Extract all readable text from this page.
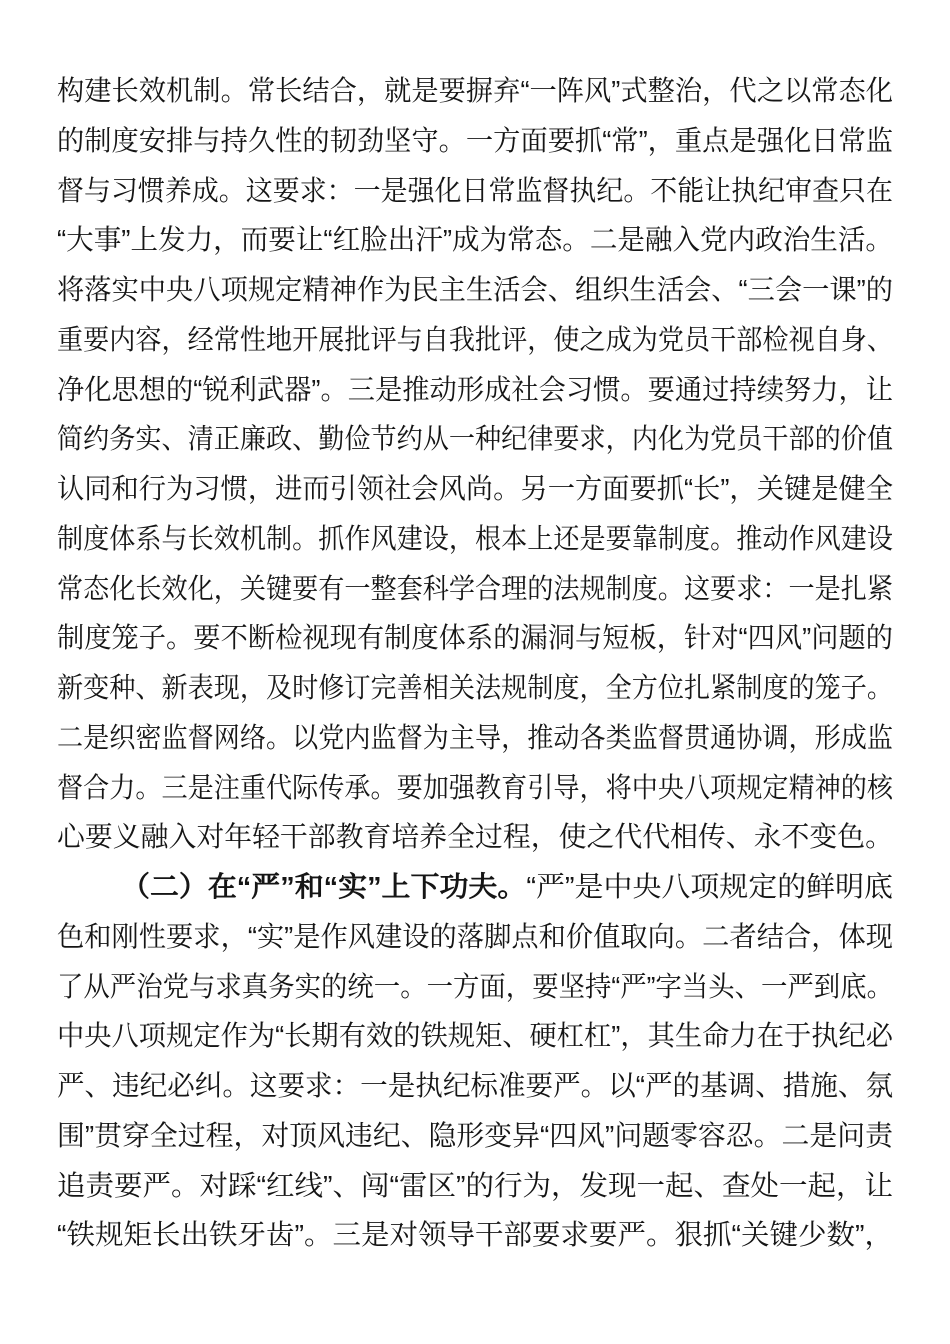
构建长效机制。常长结合，就是要摒弃“一阵风”式整治，代之以常态化
的制度安排与持久性的韧劲坚守。一方面要抓“常”，重点是强化日常监
督与习惯养成。这要求：一是强化日常监督执纪。不能让执纪审查只在
“大事”上发力，而要让“红脸出汗”成为常态。二是融入党内政治生活。
将落实中央八项规定精神作为民主生活会、组织生活会、“三会一课”的
重要内容，经常性地开展批评与自我批评，使之成为党员干部检视自身、
净化思想的“锐利武器”。三是推动形成社会习惯。要通过持续努力，让
简约务实、清正廉政、勤俭节约从一种纪律要求，内化为党员干部的价值
认同和行为习惯，进而引领社会风尚。另一方面要抓“长”，关键是健全
制度体系与长效机制。抓作风建设，根本上还是要靠制度。推动作风建设
常态化长效化，关键要有一整套科学合理的法规制度。这要求：一是扎紧
制度笼子。要不断检视现有制度体系的漏洞与短板，针对“四风”问题的
新变种、新表现，及时修订完善相关法规制度，全方位扎紧制度的笼子。
二是织密监督网络。以党内监督为主导，推动各类监督贯通协调，形成监
督合力。三是注重代际传承。要加强教育引导，将中央八项规定精神的核
心要义融入对年轻干部教育培养全过程，使之代代相传、永不变色。
（二）在“严”和“实”上下功夫。“严”是中央八项规定的鲜明底
色和刚性要求，“实”是作风建设的落脚点和价值取向。二者结合，体现
了从严治党与求真务实的统一。一方面，要坚持“严”字当头、一严到底。
中央八项规定作为“长期有效的铁规矩、硬杠杠”，其生命力在于执纪必
严、违纪必纠。这要求：一是执纪标准要严。以“严的基调、措施、氛
围”贯穿全过程，对顶风违纪、隐形变异“四风”问题零容忍。二是问责
追责要严。对踩“红线”、闯“雷区”的行为，发现一起、查处一起，让
“铁规矩长出铁牙齿”。三是对领导干部要求要严。狠抓“关键少数”，
